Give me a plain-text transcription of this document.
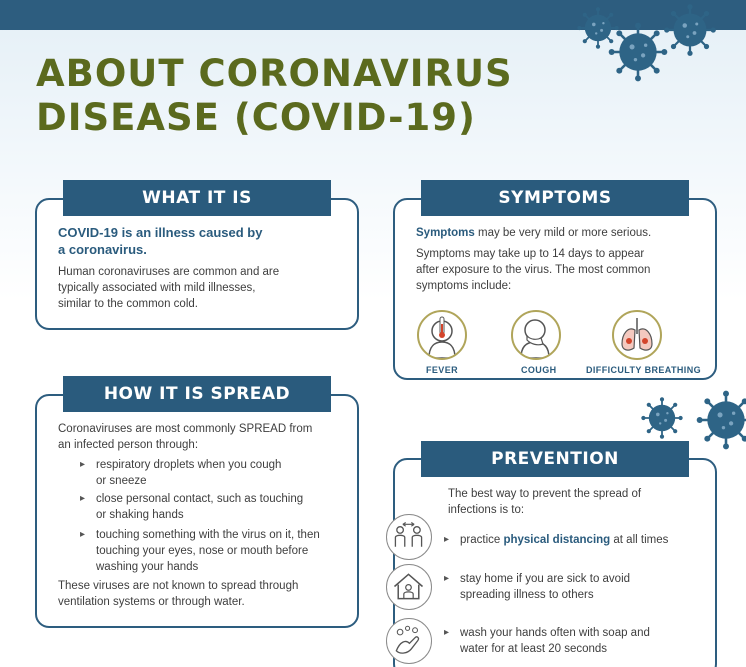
ABOUT CORONAVIRUS
DISEASE (COVID-19)
WHAT IT IS
COVID-19 is an illness caused by
a coronavirus.
Human coronaviruses are common and are
typically associated with mild illnesses,
similar to the common cold.
SYMPTOMS
Symptoms may be very mild or more serious.
Symptoms may take up to 14 days to appear
after exposure to the virus. The most common
symptoms include:
FEVER	COUGH	DIFFICULTY BREATHING
HOW IT IS SPREAD
Coronaviruses are most commonly SPREAD from
an infected person through:
▸ respiratory droplets when you cough
or sneeze
▸ close personal contact, such as touching
or shaking hands
▸ touching something with the virus on it, then
touching your eyes, nose or mouth before
washing your hands
These viruses are not known to spread through
ventilation systems or through water.
PREVENTION
The best way to prevent the spread of
infections is to:
▸ practice physical distancing at all times
▸ stay home if you are sick to avoid
spreading illness to others
▸ wash your hands often with soap and
water for at least 20 seconds
